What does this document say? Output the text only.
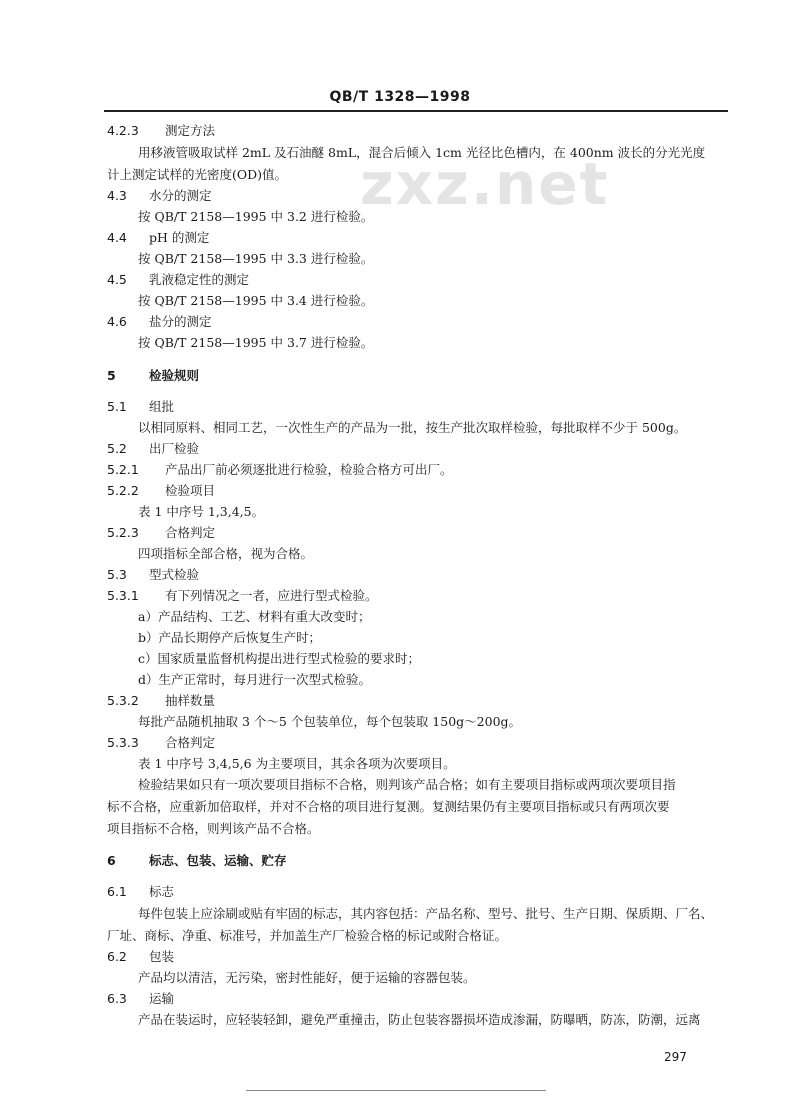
QB/T 1328—1998
zxz.net
4.2.3 测定方法
用移液管吸取试样 2mL 及石油醚 8mL，混合后倾入 1cm 光径比色槽内，在 400nm 波长的分光光度
计上测定试样的光密度(OD)值。
4.3 水分的测定
按 QB/T 2158—1995 中 3.2 进行检验。
4.4 pH 的测定
按 QB/T 2158—1995 中 3.3 进行检验。
4.5 乳液稳定性的测定
按 QB/T 2158—1995 中 3.4 进行检验。
4.6 盐分的测定
按 QB/T 2158—1995 中 3.7 进行检验。
5	检验规则
5.1 组批
以相同原料、相同工艺，一次性生产的产品为一批，按生产批次取样检验，每批取样不少于 500g。
5.2 出厂检验
5.2.1 产品出厂前必须逐批进行检验，检验合格方可出厂。
5.2.2 检验项目
表 1 中序号 1,3,4,5。
5.2.3 合格判定
四项指标全部合格，视为合格。
5.3 型式检验
5.3.1 有下列情况之一者，应进行型式检验。
a）产品结构、工艺、材料有重大改变时；
b）产品长期停产后恢复生产时；
c）国家质量监督机构提出进行型式检验的要求时；
d）生产正常时，每月进行一次型式检验。
5.3.2 抽样数量
每批产品随机抽取 3 个～5 个包装单位，每个包装取 150g～200g。
5.3.3 合格判定
表 1 中序号 3,4,5,6 为主要项目，其余各项为次要项目。
检验结果如只有一项次要项目指标不合格，则判该产品合格；如有主要项目指标或两项次要项目指
标不合格，应重新加倍取样，并对不合格的项目进行复测。复测结果仍有主要项目指标或只有两项次要
项目指标不合格，则判该产品不合格。
6	标志、包装、运输、贮存
6.1 标志
每件包装上应涂刷或贴有牢固的标志，其内容包括：产品名称、型号、批号、生产日期、保质期、厂名、
厂址、商标、净重、标准号，并加盖生产厂检验合格的标记或附合格证。
6.2 包装
产品均以清洁，无污染，密封性能好，便于运输的容器包装。
6.3 运输
产品在装运时，应轻装轻卸，避免严重撞击，防止包装容器损坏造成渗漏，防曝晒，防冻，防潮，远离
297
